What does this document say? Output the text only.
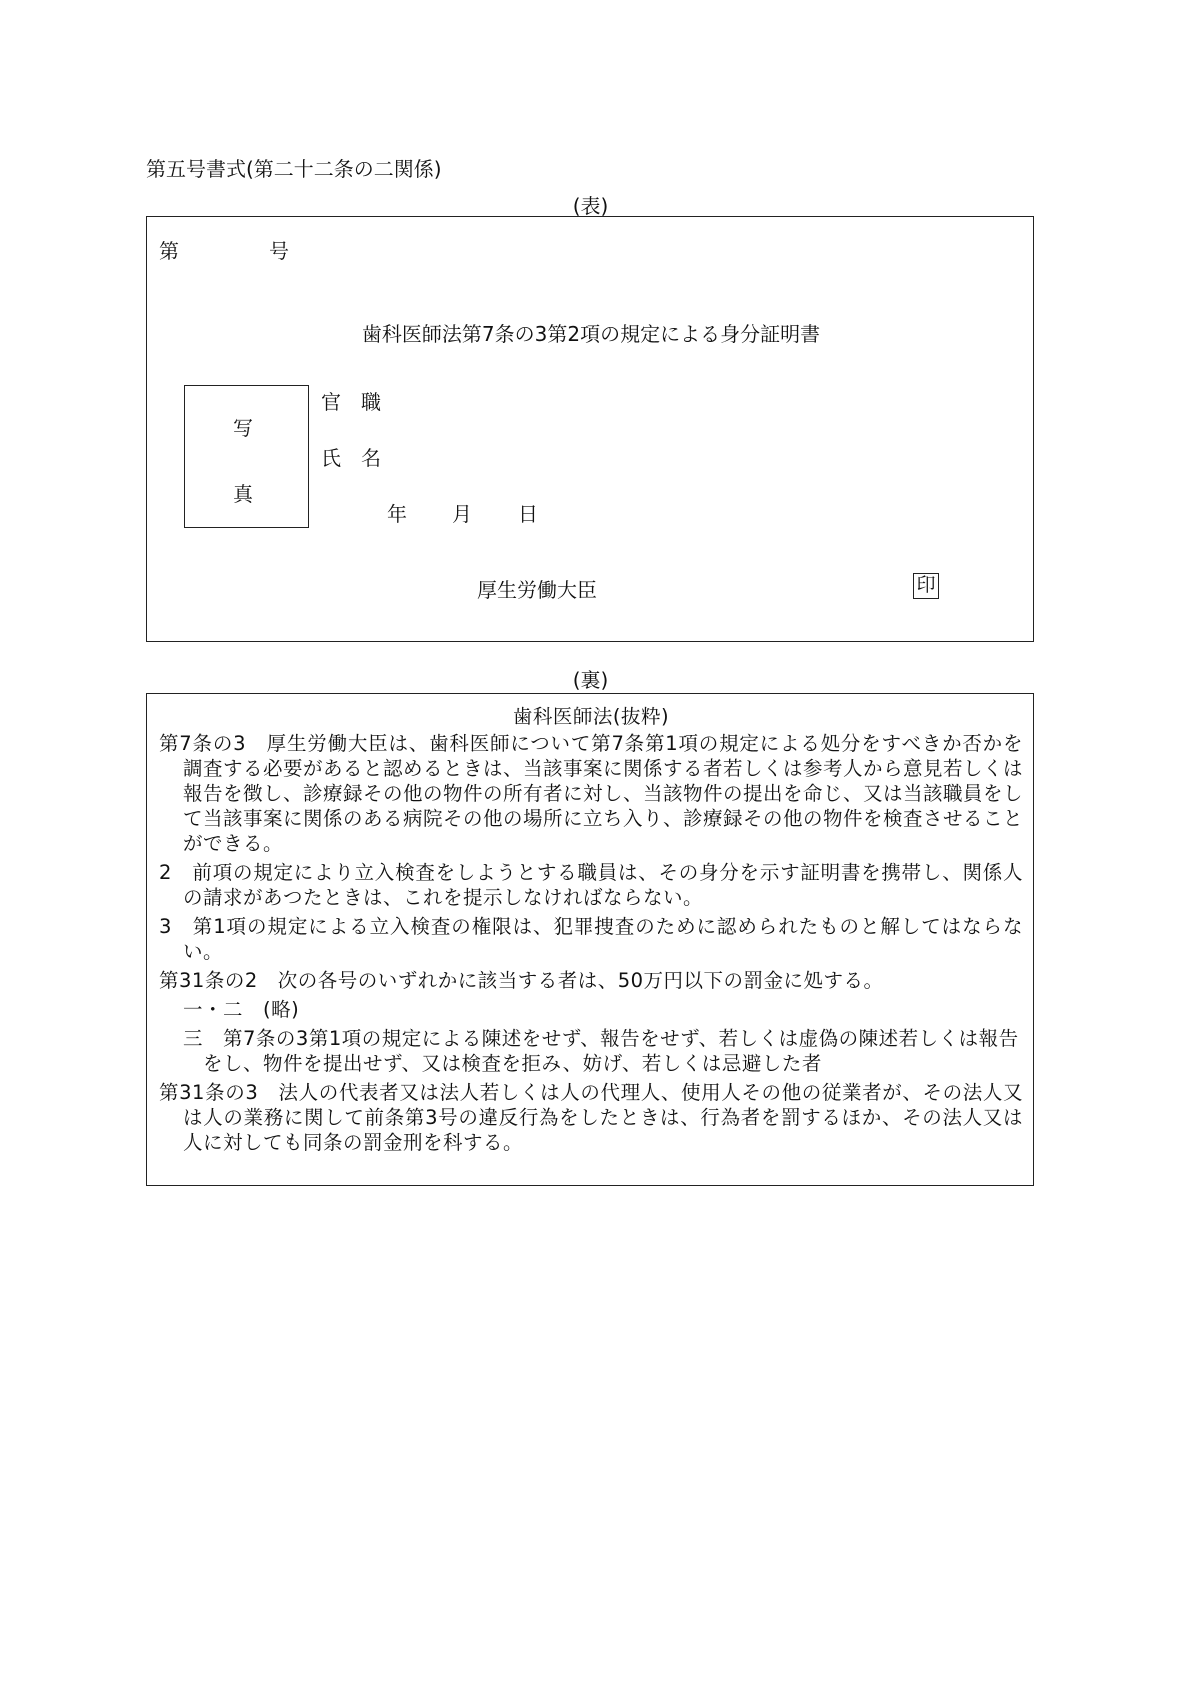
第五号書式(第二十二条の二関係)
(表)
第	号
歯科医師法第7条の3第2項の規定による身分証明書
写
真
官　職
氏　名
年 月 日
厚生労働大臣	印
(裏)
歯科医師法(抜粋)
第7条の3　厚生労働大臣は、歯科医師について第7条第1項の規定による処分をすべきか否かを調査する必要があると認めるときは、当該事案に関係する者若しくは参考人から意見若しくは報告を徴し、診療録その他の物件の所有者に対し、当該物件の提出を命じ、又は当該職員をして当該事案に関係のある病院その他の場所に立ち入り、診療録その他の物件を検査させることができる。
2　前項の規定により立入検査をしようとする職員は、その身分を示す証明書を携帯し、関係人の請求があつたときは、これを提示しなければならない。
3　第1項の規定による立入検査の権限は、犯罪捜査のために認められたものと解してはならない。
第31条の2　次の各号のいずれかに該当する者は、50万円以下の罰金に処する。
一・二　(略)
三　第7条の3第1項の規定による陳述をせず、報告をせず、若しくは虚偽の陳述若しくは報告をし、物件を提出せず、又は検査を拒み、妨げ、若しくは忌避した者
第31条の3　法人の代表者又は法人若しくは人の代理人、使用人その他の従業者が、その法人又は人の業務に関して前条第3号の違反行為をしたときは、行為者を罰するほか、その法人又は人に対しても同条の罰金刑を科する。
